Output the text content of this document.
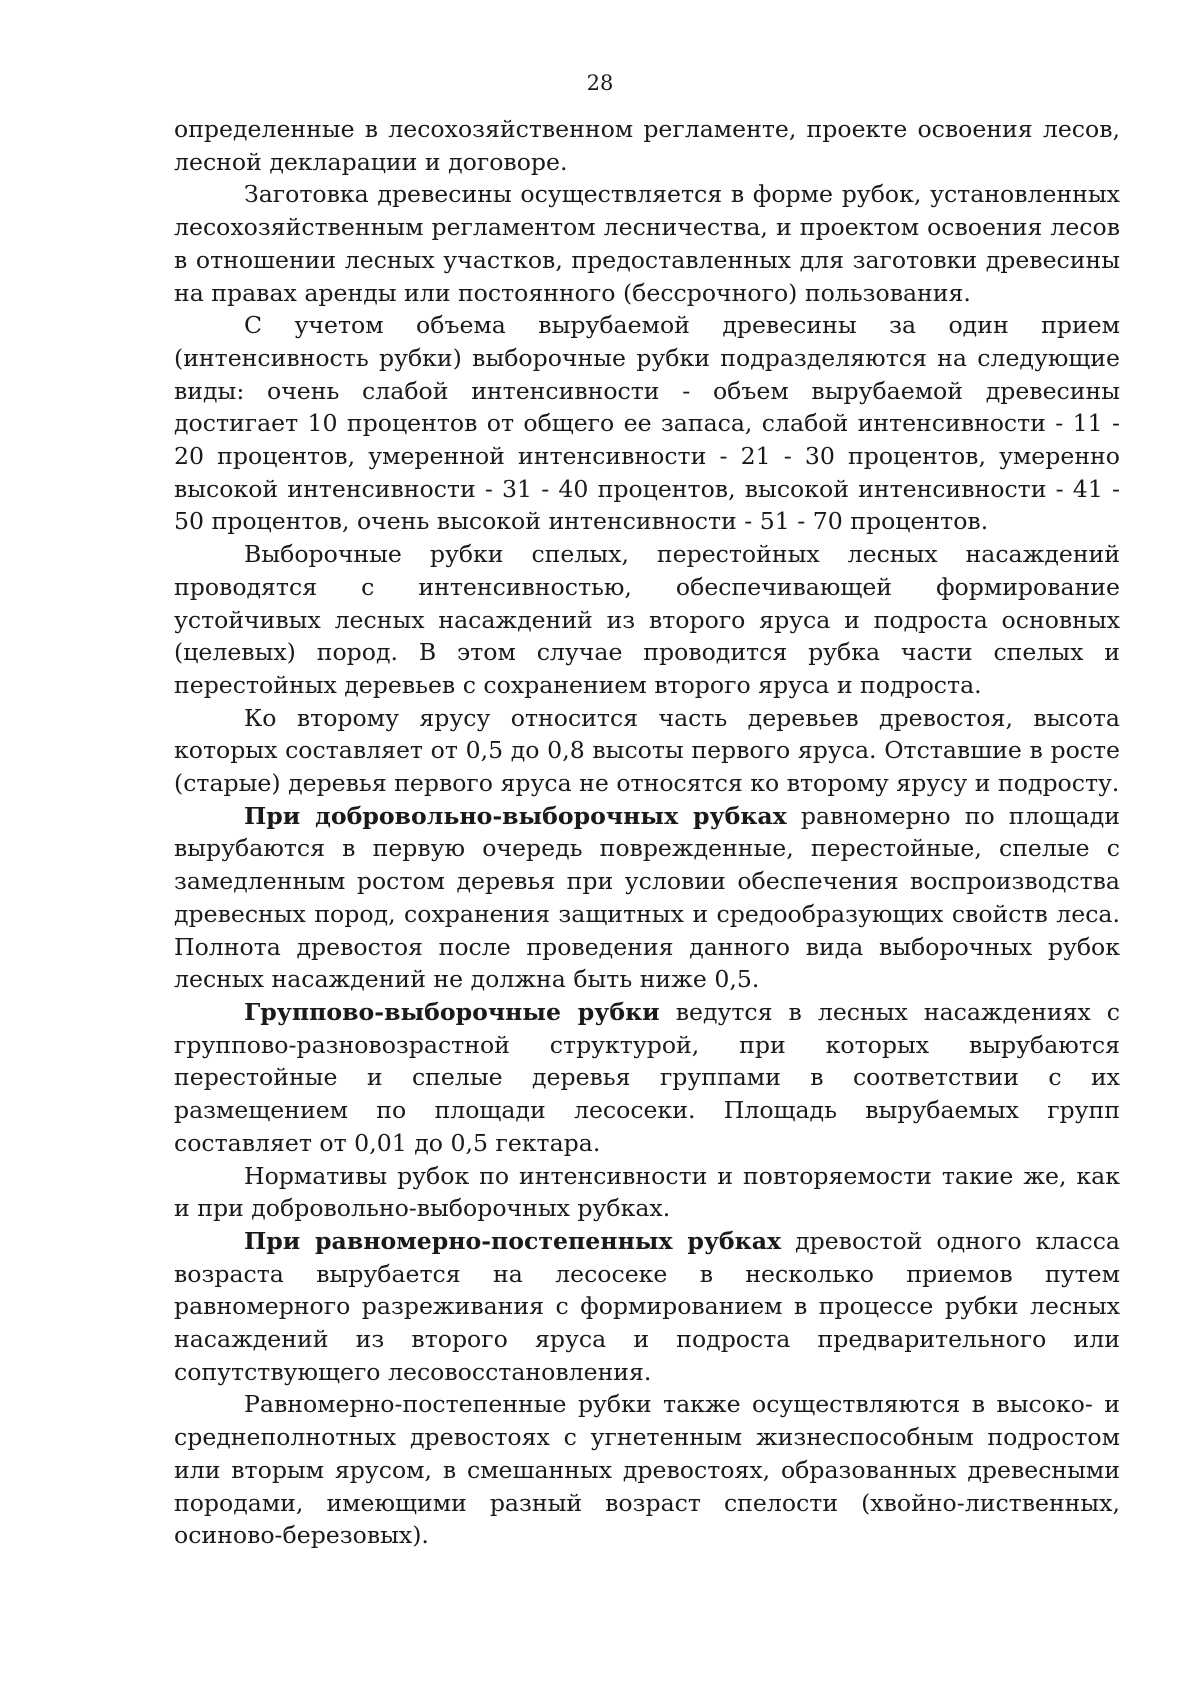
28

определенные в лесохозяйственном регламенте, проекте освоения лесов, лесной декларации и договоре.

Заготовка древесины осуществляется в форме рубок, установленных лесохозяйственным регламентом лесничества, и проектом освоения лесов в отношении лесных участков, предоставленных для заготовки древесины на правах аренды или постоянного (бессрочного) пользования.

С учетом объема вырубаемой древесины за один прием (интенсивность рубки) выборочные рубки подразделяются на следующие виды: очень слабой интенсивности - объем вырубаемой древесины достигает 10 процентов от общего ее запаса, слабой интенсивности - 11 - 20 процентов, умеренной интенсивности - 21 - 30 процентов, умеренно высокой интенсивности - 31 - 40 процентов, высокой интенсивности - 41 - 50 процентов, очень высокой интенсивности - 51 - 70 процентов.

Выборочные рубки спелых, перестойных лесных насаждений проводятся с интенсивностью, обеспечивающей формирование устойчивых лесных насаждений из второго яруса и подроста основных (целевых) пород. В этом случае проводится рубка части спелых и перестойных деревьев с сохранением второго яруса и подроста.

Ко второму ярусу относится часть деревьев древостоя, высота которых составляет от 0,5 до 0,8 высоты первого яруса. Отставшие в росте (старые) деревья первого яруса не относятся ко второму ярусу и подросту.

При добровольно-выборочных рубках равномерно по площади вырубаются в первую очередь поврежденные, перестойные, спелые с замедленным ростом деревья при условии обеспечения воспроизводства древесных пород, сохранения защитных и средообразующих свойств леса. Полнота древостоя после проведения данного вида выборочных рубок лесных насаждений не должна быть ниже 0,5.

Группово-выборочные рубки ведутся в лесных насаждениях с группово-разновозрастной структурой, при которых вырубаются перестойные и спелые деревья группами в соответствии с их размещением по площади лесосеки. Площадь вырубаемых групп составляет от 0,01 до 0,5 гектара.

Нормативы рубок по интенсивности и повторяемости такие же, как и при добровольно-выборочных рубках.

При равномерно-постепенных рубках древостой одного класса возраста вырубается на лесосеке в несколько приемов путем равномерного разреживания с формированием в процессе рубки лесных насаждений из второго яруса и подроста предварительного или сопутствующего лесовосстановления.

Равномерно-постепенные рубки также осуществляются в высоко- и среднеполнотных древостоях с угнетенным жизнеспособным подростом или вторым ярусом, в смешанных древостоях, образованных древесными породами, имеющими разный возраст спелости (хвойно-лиственных, осиново-березовых).
